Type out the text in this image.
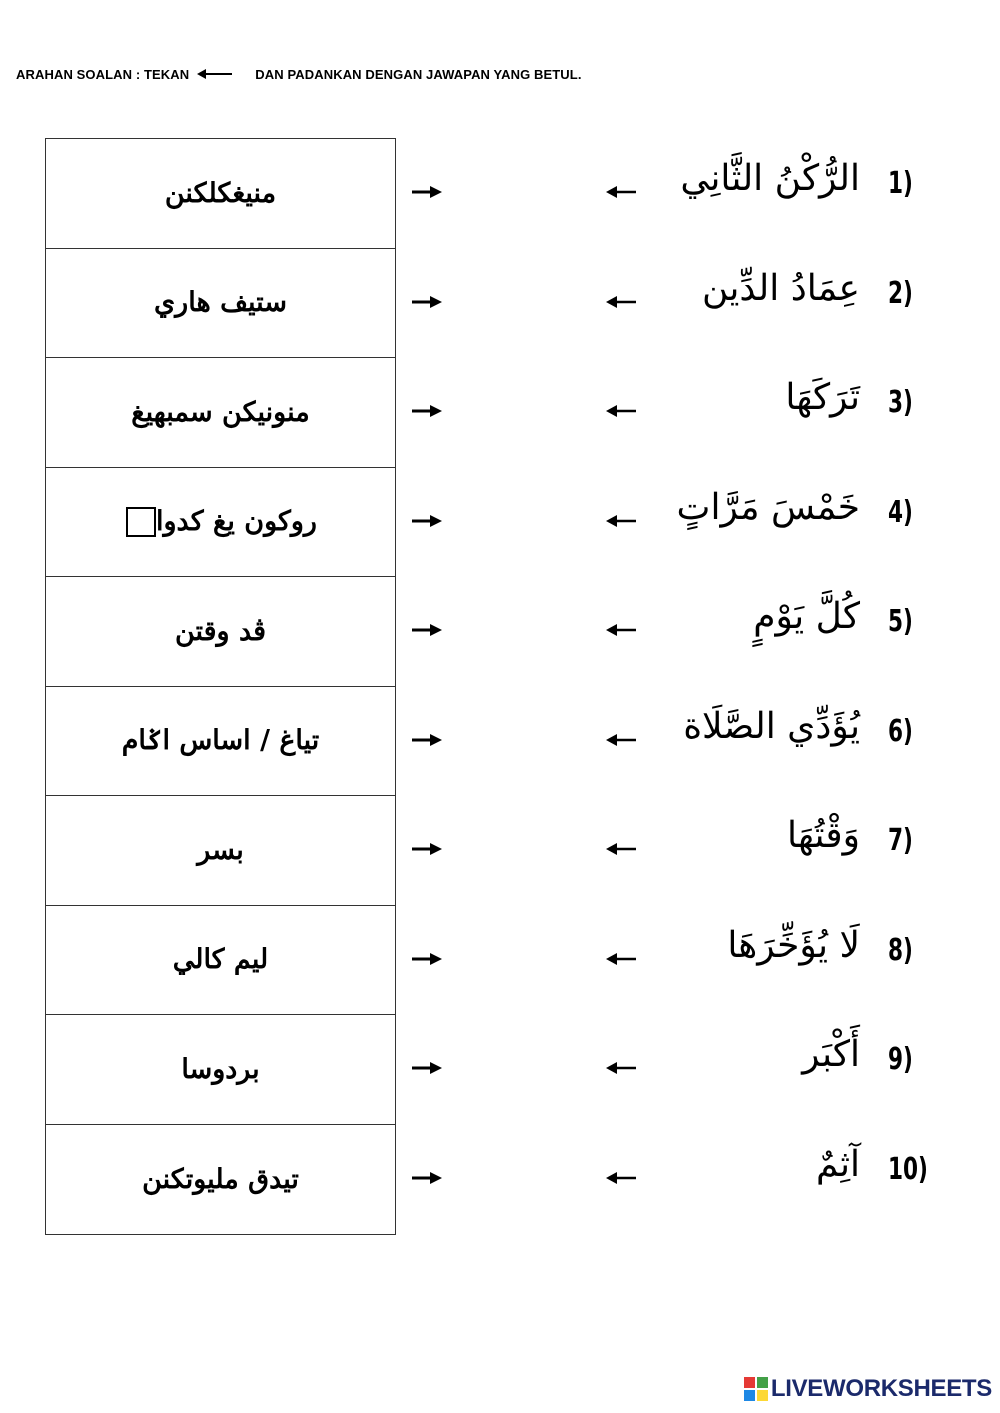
ARAHAN SOALAN : TEKAN	DAN PADANKAN DENGAN JAWAPAN YANG BETUL.
منيغكلكنن
ستيف هاري
منونيكن سمبهيغ
روكون يغ كدوا
ڤد وقتن
تياغ / اساس اݢام
بسر
ليم كالي
بردوسا
تيدق مليوتكنن
الرُّكْنُ الثَّانِي 1)
عِمَادُ الدِّين 2)
تَرَكَهَا 3)
خَمْسَ مَرَّاتٍ 4)
كُلَّ يَوْمٍ 5)
يُؤَدِّي الصَّلَاة 6)
وَقْتُهَا 7)
لَا يُؤَخِّرَهَا 8)
أَكْبَر 9)
آثِمٌ 10)
LIVEWORKSHEETS
